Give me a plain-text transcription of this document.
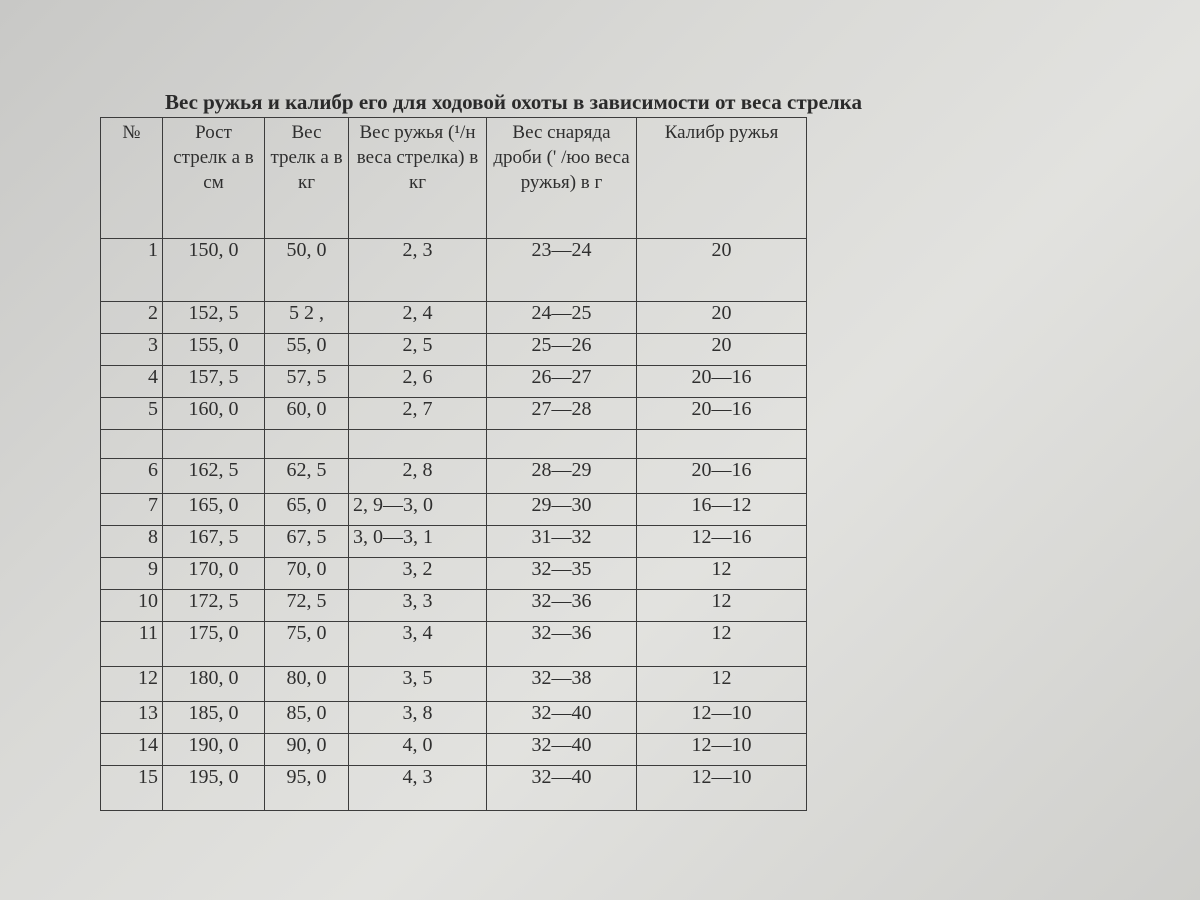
Вес ружья и калибр его для ходовой охоты в зависимости от веса стрелка
№	Рост стрелк а в см	Вес трелк а в кг	Вес ружья (¹/н веса стрелка) в кг	Вес снаряда дроби (' /юо веса ружья) в г	Калибр ружья
1	150, 0	50, 0	2, 3	23—24	20
2	152, 5	5 2 ,	2, 4	24—25	20
3	155, 0	55, 0	2, 5	25—26	20
4	157, 5	57, 5	2, 6	26—27	20—16
5	160, 0	60, 0	2, 7	27—28	20—16

6	162, 5	62, 5	2, 8	28—29	20—16
7	165, 0	65, 0	2, 9—3, 0	29—30	16—12
8	167, 5	67, 5	3, 0—3, 1	31—32	12—16
9	170, 0	70, 0	3, 2	32—35	12
10	172, 5	72, 5	3, 3	32—36	12
11	175, 0	75, 0	3, 4	32—36	12
12	180, 0	80, 0	3, 5	32—38	12
13	185, 0	85, 0	3, 8	32—40	12—10
14	190, 0	90, 0	4, 0	32—40	12—10
15	195, 0	95, 0	4, 3	32—40	12—10
